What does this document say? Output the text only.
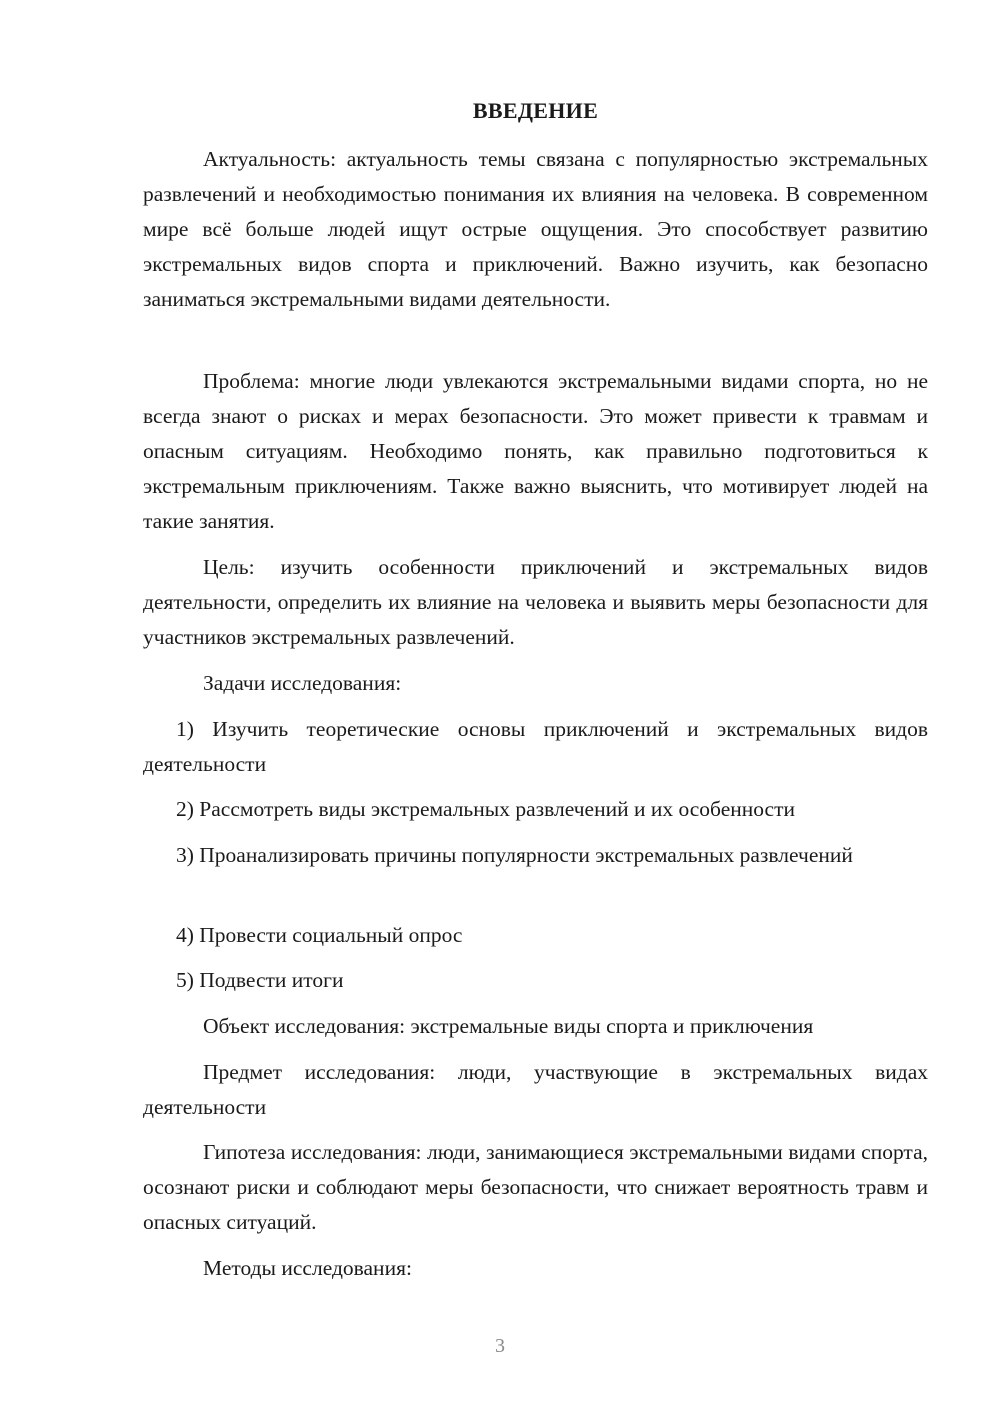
ВВЕДЕНИЕ

Актуальность: актуальность темы связана с популярностью экстремальных развлечений и необходимостью понимания их влияния на человека. В современном мире всё больше людей ищут острые ощущения. Это способствует развитию экстремальных видов спорта и приключений. Важно изучить, как безопасно заниматься экстремальными видами деятельности.

Проблема: многие люди увлекаются экстремальными видами спорта, но не всегда знают о рисках и мерах безопасности. Это может привести к травмам и опасным ситуациям. Необходимо понять, как правильно подготовиться к экстремальным приключениям. Также важно выяснить, что мотивирует людей на такие занятия.

Цель: изучить особенности приключений и экстремальных видов деятельности, определить их влияние на человека и выявить меры безопасности для участников экстремальных развлечений.

Задачи исследования:

1) Изучить теоретические основы приключений и экстремальных видов деятельности

2) Рассмотреть виды экстремальных развлечений и их особенности

3) Проанализировать причины популярности экстремальных развлечений

4) Провести социальный опрос

5) Подвести итоги

Объект исследования: экстремальные виды спорта и приключения

Предмет исследования: люди, участвующие в экстремальных видах деятельности

Гипотеза исследования: люди, занимающиеся экстремальными видами спорта, осознают риски и соблюдают меры безопасности, что снижает вероятность травм и опасных ситуаций.

Методы исследования:

3
